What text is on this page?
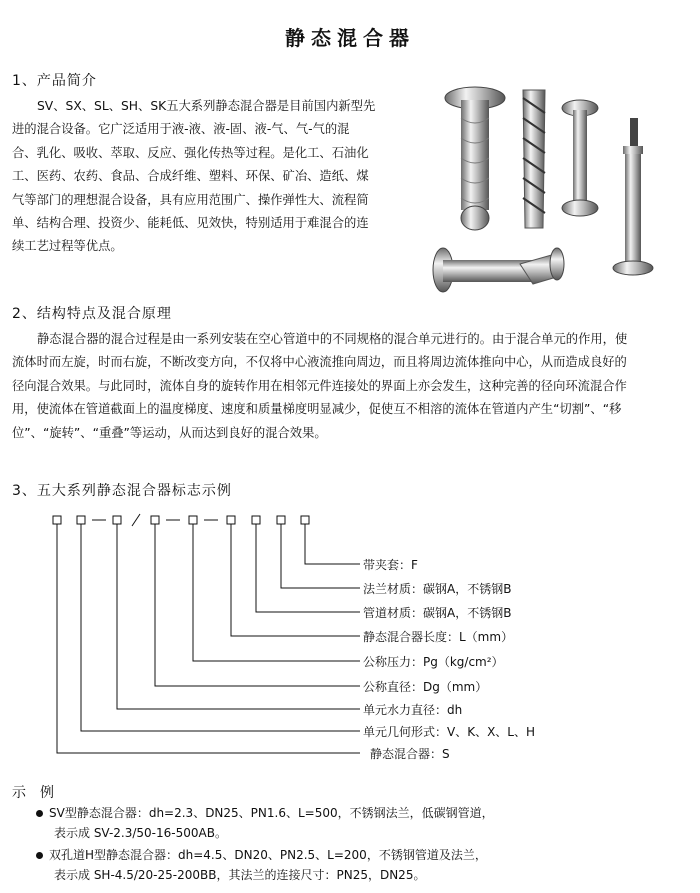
静态混合器
1、产品简介

SV、SX、SL、SH、SK五大系列静态混合器是目前国内新型先

进的混合设备。它广泛适用于液-液、液-固、液-气、气-气的混

合、乳化、吸收、萃取、反应、强化传热等过程。是化工、石油化

工、医药、农药、食品、合成纤维、塑料、环保、矿冶、造纸、煤

气等部门的理想混合设备，具有应用范围广、操作弹性大、流程简

单、结构合理、投资少、能耗低、见效快，特别适用于难混合的连

续工艺过程等优点。

2、结构特点及混合原理

静态混合器的混合过程是由一系列安装在空心管道中的不同规格的混合单元进行的。由于混合单元的作用，使

流体时而左旋，时而右旋，不断改变方向，不仅将中心液流推向周边，而且将周边流体推向中心，从而造成良好的

径向混合效果。与此同时，流体自身的旋转作用在相邻元件连接处的界面上亦会发生，这种完善的径向环流混合作

用，使流体在管道截面上的温度梯度、速度和质量梯度明显减少，促使互不相溶的流体在管道内产生“切割”、“移

位”、“旋转”、“重叠”等运动，从而达到良好的混合效果。

3、五大系列静态混合器标志示例
带夹套：F
法兰材质：碳钢A，不锈钢B
管道材质：碳钢A，不锈钢B
静态混合器长度：L（mm）
公称压力：Pg（kg/cm²）
公称直径：Dg（mm）
单元水力直径：dh
单元几何形式：V、K、X、L、H
静态混合器：S
示例
SV型静态混合器：dh=2.3、DN25、PN1.6、L=500，不锈钢法兰，低碳钢管道，
表示成 SV-2.3/50-16-500AB。
双孔道H型静态混合器：dh=4.5、DN20、PN2.5、L=200，不锈钢管道及法兰，
表示成 SH-4.5/20-25-200BB，其法兰的连接尺寸：PN25，DN25。
